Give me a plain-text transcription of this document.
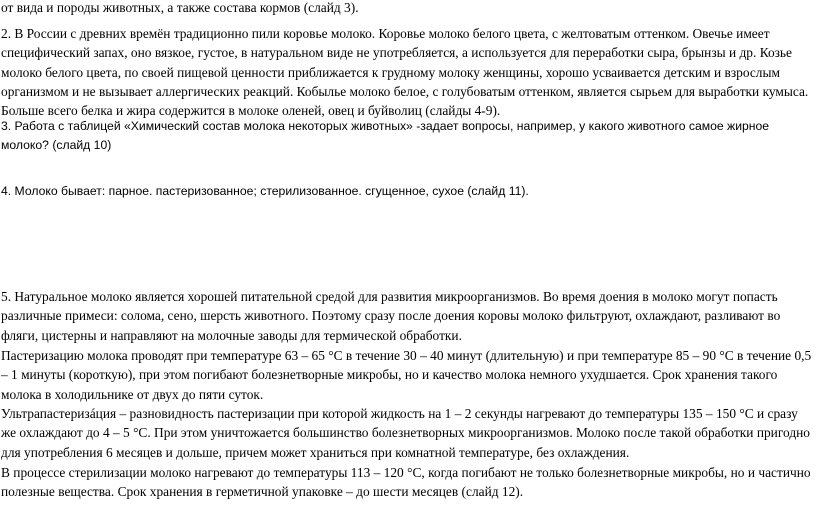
от вида и породы животных, а также состава кормов (слайд 3).

2. В России с древних времён традиционно пили коровье молоко. Коровье молоко белого цвета, с желтоватым оттенком. Овечье имеет специфический запах, оно вязкое, густое, в натуральном виде не употребляется, а используется для переработки сыра, брынзы и др. Козье молоко белого цвета, по своей пищевой ценности приближается к грудному молоку женщины, хорошо усваивается детским и взрослым организмом и не вызывает аллергических реакций. Кобылье молоко белое, с голубоватым оттенком, является сырьем для выработки кумыса. Больше всего белка и жира содержится в молоке оленей, овец и буйволиц (слайды 4-9).

3. Работа с таблицей «Химический состав молока некоторых животных» -задает вопросы, например, у какого животного самое жирное молоко? (слайд 10)

4. Молоко бывает: парное. пастеризованное; стерилизованное. сгущенное, сухое (слайд 11).

5. Натуральное молоко является хорошей питательной средой для развития микроорганизмов. Во время доения в молоко могут попасть различные примеси: солома, сено, шерсть животного. Поэтому сразу после доения коровы молоко фильтруют, охлаждают, разливают во фляги, цистерны и направляют на молочные заводы для термической обработки.

Пастеризацию молока проводят при температуре 63 – 65 °С в течение 30 – 40 минут (длительную) и при температуре 85 – 90 °С в течение 0,5 – 1 минуты (короткую), при этом погибают болезнетворные микробы, но и качество молока немного ухудшается. Срок хранения такого молока в холодильнике от двух до пяти суток.

Ультрапастеризáция – разновидность пастеризации при которой жидкость на 1 – 2 секунды нагревают до температуры 135 – 150 °C и сразу же охлаждают до 4 – 5 °C. При этом уничтожается большинство болезнетворных микроорганизмов. Молоко после такой обработки пригодно для употребления 6 месяцев и дольше, причем может храниться при комнатной температуре, без охлаждения.

В процессе стерилизации молоко нагревают до температуры 113 – 120 °С, когда погибают не только болезнетворные микробы, но и частично полезные вещества. Срок хранения в герметичной упаковке – до шести месяцев (слайд 12).
